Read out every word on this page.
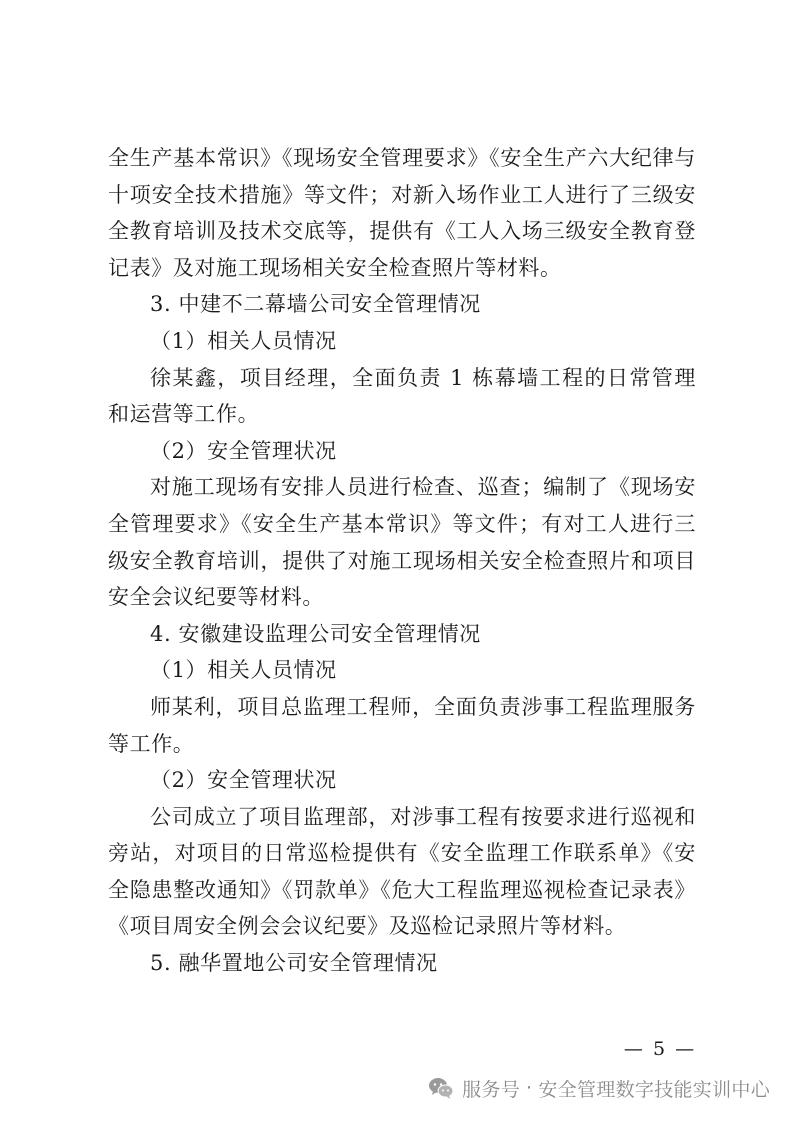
全生产基本常识》《现场安全管理要求》《安全生产六大纪律与十项安全技术措施》等文件；对新入场作业工人进行了三级安全教育培训及技术交底等，提供有《工人入场三级安全教育登记表》及对施工现场相关安全检查照片等材料。

3. 中建不二幕墙公司安全管理情况

（1）相关人员情况

徐某鑫，项目经理，全面负责 1 栋幕墙工程的日常管理和运营等工作。

（2）安全管理状况

对施工现场有安排人员进行检查、巡查；编制了《现场安全管理要求》《安全生产基本常识》等文件；有对工人进行三级安全教育培训，提供了对施工现场相关安全检查照片和项目安全会议纪要等材料。

4. 安徽建设监理公司安全管理情况

（1）相关人员情况

师某利，项目总监理工程师，全面负责涉事工程监理服务等工作。

（2）安全管理状况

公司成立了项目监理部，对涉事工程有按要求进行巡视和旁站，对项目的日常巡检提供有《安全监理工作联系单》《安全隐患整改通知》《罚款单》《危大工程监理巡视检查记录表》《项目周安全例会会议纪要》及巡检记录照片等材料。

5. 融华置地公司安全管理情况

— 5 —
服务号 · 安全管理数字技能实训中心
